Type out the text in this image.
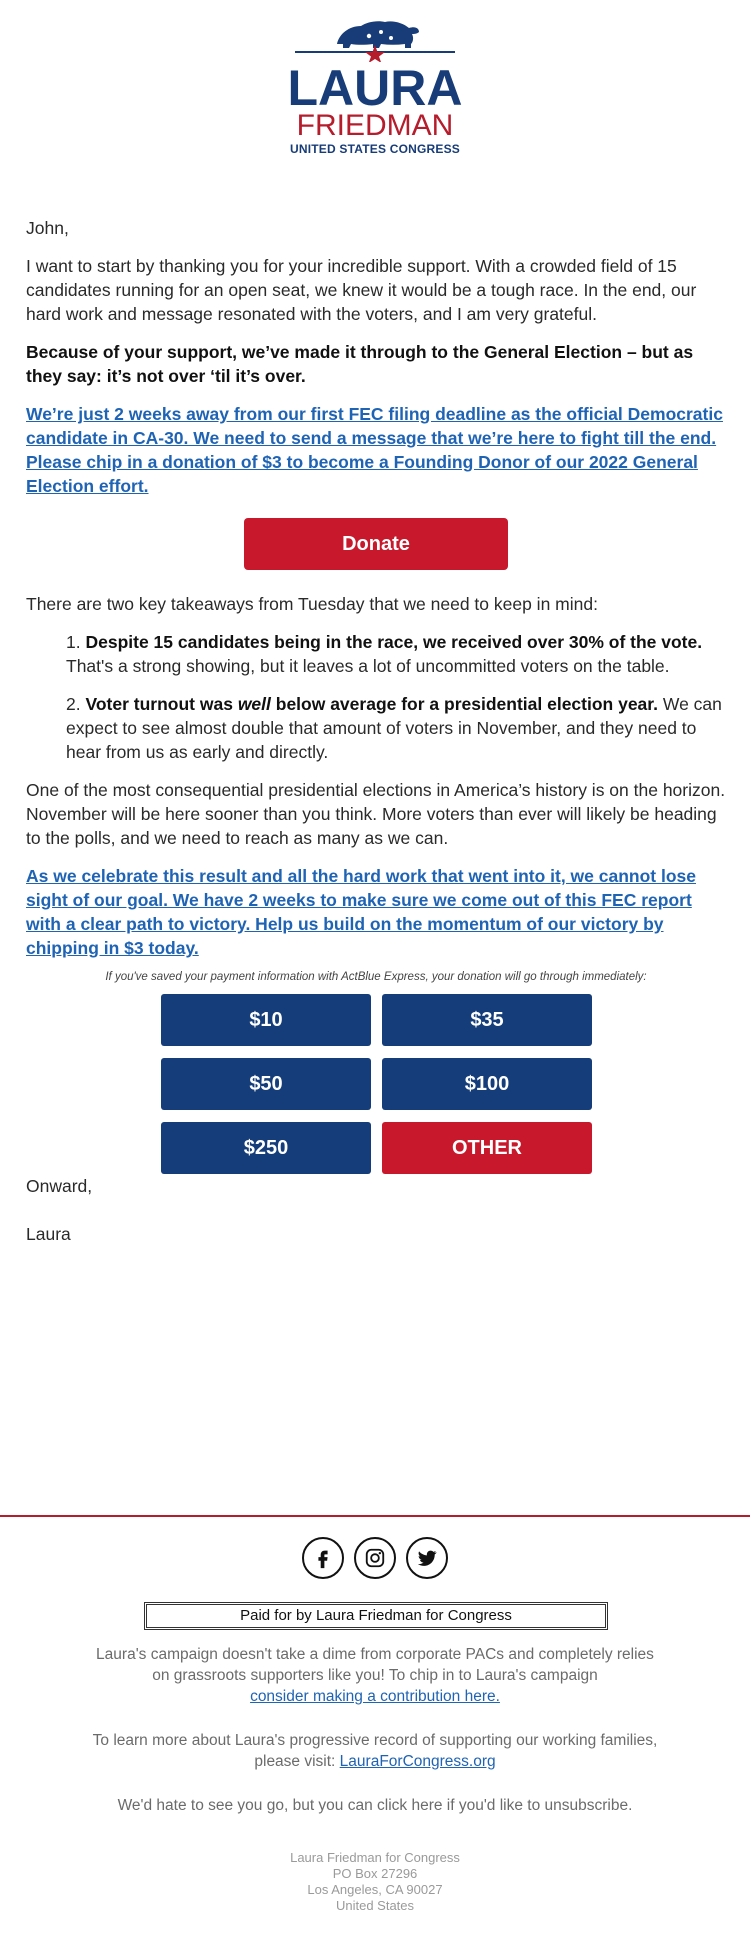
LAURA
FRIEDMAN
UNITED STATES CONGRESS

John,

I want to start by thanking you for your incredible support. With a crowded field of 15 candidates running for an open seat, we knew it would be a tough race. In the end, our hard work and message resonated with the voters, and I am very grateful.

Because of your support, we’ve made it through to the General Election – but as they say: it’s not over ‘til it’s over.

We’re just 2 weeks away from our first FEC filing deadline as the official Democratic candidate in CA-30. We need to send a message that we’re here to fight till the end. Please chip in a donation of $3 to become a Founding Donor of our 2022 General Election effort.

Donate

There are two key takeaways from Tuesday that we need to keep in mind:

1. Despite 15 candidates being in the race, we received over 30% of the vote. That's a strong showing, but it leaves a lot of uncommitted voters on the table.
2. Voter turnout was well below average for a presidential election year. We can expect to see almost double that amount of voters in November, and they need to hear from us as early and directly.

One of the most consequential presidential elections in America’s history is on the horizon. November will be here sooner than you think. More voters than ever will likely be heading to the polls, and we need to reach as many as we can.

As we celebrate this result and all the hard work that went into it, we cannot lose sight of our goal. We have 2 weeks to make sure we come out of this FEC report with a clear path to victory. Help us build on the momentum of our victory by chipping in $3 today.

If you've saved your payment information with ActBlue Express, your donation will go through immediately:
$10	$35
$50	$100
$250	OTHER

Onward,

Laura

Paid for by Laura Friedman for Congress
Laura's campaign doesn't take a dime from corporate PACs and completely relies on grassroots supporters like you! To chip in to Laura's campaign
consider making a contribution here.
To learn more about Laura's progressive record of supporting our working families, please visit: LauraForCongress.org
We'd hate to see you go, but you can click here if you'd like to unsubscribe.
Laura Friedman for Congress
PO Box 27296
Los Angeles, CA 90027
United States
